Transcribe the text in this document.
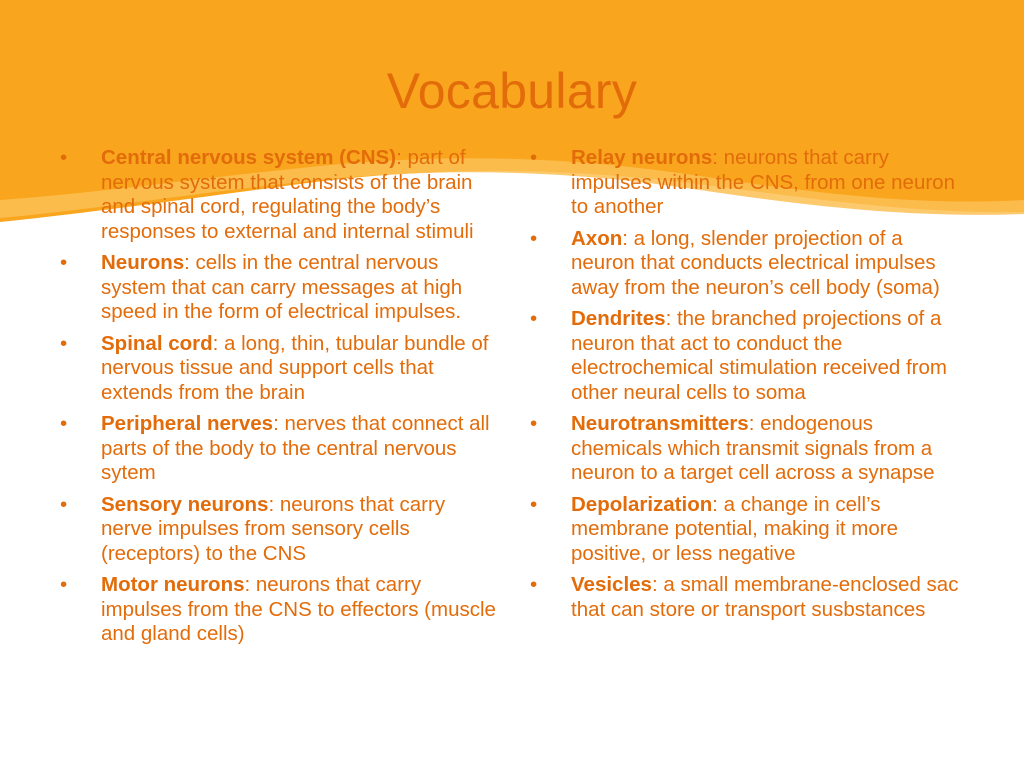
Vocabulary
•	Central nervous system (CNS): part of nervous system that consists of the brain and spinal cord, regulating the body’s responses to external and internal stimuli
•	Neurons: cells in the central nervous system that can carry messages at high speed in the form of electrical impulses.
•	Spinal cord: a long, thin, tubular bundle of nervous tissue and support cells that extends from the brain
•	Peripheral nerves: nerves that connect all parts of the body to the central nervous sytem
•	Sensory neurons: neurons that carry nerve impulses from sensory cells (receptors) to the CNS
•	Motor neurons: neurons that carry impulses from the CNS to effectors (muscle and gland cells)
•	Relay neurons: neurons that carry impulses within the CNS, from one neuron to another
•	Axon: a long, slender projection of a neuron that conducts electrical impulses away from the neuron’s cell body (soma)
•	Dendrites: the branched projections of a neuron that act to conduct the electrochemical stimulation received from other neural cells to soma
•	Neurotransmitters: endogenous chemicals which transmit signals from a neuron to a target cell across a synapse
•	Depolarization: a change in cell’s membrane potential, making it more positive, or less negative
•	Vesicles: a small membrane-enclosed sac that can store or transport susbstances
